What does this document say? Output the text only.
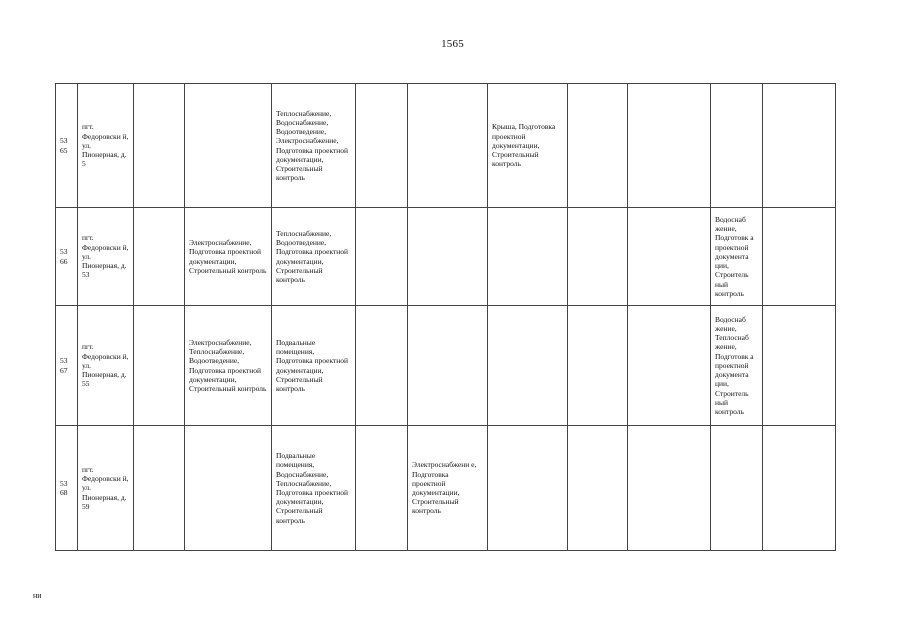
1565
53
65	пгт. Федоровски й, ул. Пионерная, д. 5			Теплоснабжение, Водоснабжение, Водоотведение, Электроснабжение, Подготовка проектной документации, Строительный контроль			Крыша, Подготовка проектной документации, Строительный контроль				

53
66	пгт. Федоровски й, ул. Пионерная, д. 53		Электроснабжение, Подготовка проектной документации, Строительный контроль	Теплоснабжение, Водоотведение, Подготовка проектной документации, Строительный контроль						Водоснаб жение, Подготовк а проектной документа ции, Строитель ный контроль	

53
67	пгт. Федоровски й, ул. Пионерная, д. 55		Электроснабжение, Теплоснабжение, Водоотведение, Подготовка проектной документации, Строительный контроль	Подвальные помещения, Подготовка проектной документации, Строительный контроль						Водоснаб жение, Теплоснаб жение, Подготовк а проектной документа ции, Строитель ный контроль	

53
68	пгт. Федоровски й, ул. Пионерная, д. 59			Подвальные помещения, Водоснабжение, Теплоснабжение, Подготовка проектной документации, Строительный контроль		Электроснабжени е, Подготовка проектной документации, Строительный контроль					

ни
